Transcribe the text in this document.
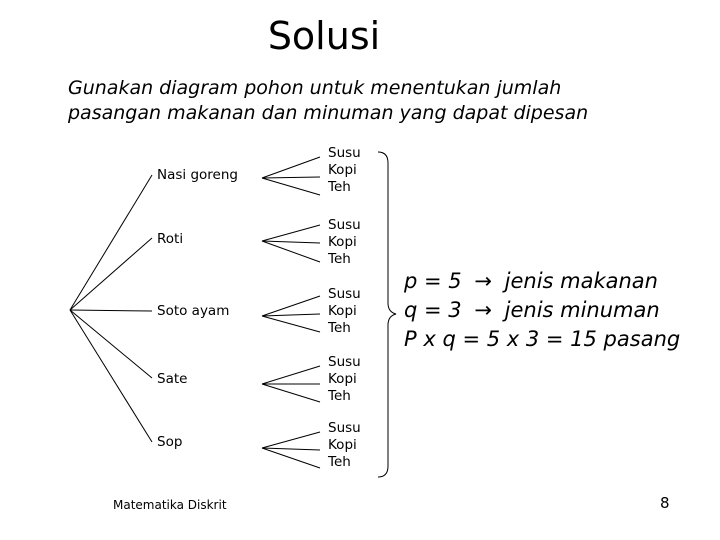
Solusi
Gunakan diagram pohon untuk menentukan jumlah
pasangan makanan dan minuman yang dapat dipesan
Nasi goreng
Roti
Soto ayam
Sate
Sop
Susu
Kopi
Teh
Susu
Kopi
Teh
Susu
Kopi
Teh
Susu
Kopi
Teh
Susu
Kopi
Teh
p = 5 → jenis makanan
q = 3 → jenis minuman
P x q = 5 x 3 = 15 pasang
Matematika Diskrit	8
